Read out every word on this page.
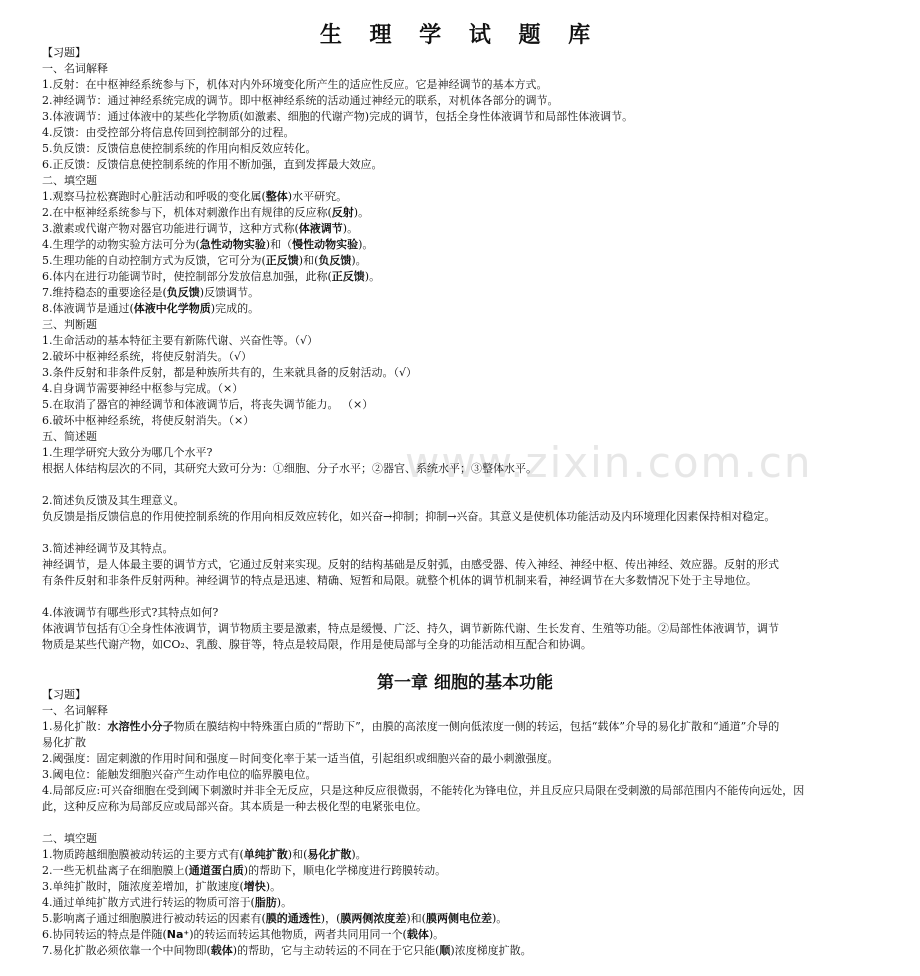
www.zixin.com.cn
生 理 学 试 题 库
【习题】
一、名词解释
1.反射：在中枢神经系统参与下，机体对内外环境变化所产生的适应性反应。它是神经调节的基本方式。
2.神经调节：通过神经系统完成的调节。即中枢神经系统的活动通过神经元的联系，对机体各部分的调节。
3.体液调节：通过体液中的某些化学物质(如激素、细胞的代谢产物)完成的调节，包括全身性体液调节和局部性体液调节。
4.反馈：由受控部分将信息传回到控制部分的过程。
5.负反馈：反馈信息使控制系统的作用向相反效应转化。
6.正反馈：反馈信息使控制系统的作用不断加强，直到发挥最大效应。
二、填空题
1.观察马拉松赛跑时心脏活动和呼吸的变化属(整体)水平研究。
2.在中枢神经系统参与下，机体对刺激作出有规律的反应称(反射)。
3.激素或代谢产物对器官功能进行调节，这种方式称(体液调节)。
4.生理学的动物实验方法可分为(急性动物实验)和（慢性动物实验)。
5.生理功能的自动控制方式为反馈，它可分为(正反馈)和(负反馈)。
6.体内在进行功能调节时，使控制部分发放信息加强，此称(正反馈)。
7.维持稳态的重要途径是(负反馈)反馈调节。
8.体液调节是通过(体液中化学物质)完成的。
三、判断题
1.生命活动的基本特征主要有新陈代谢、兴奋性等。（√）
2.破坏中枢神经系统，将使反射消失。（√）
3.条件反射和非条件反射，都是种族所共有的，生来就具备的反射活动。（√）
4.自身调节需要神经中枢参与完成。（×）
5.在取消了器官的神经调节和体液调节后，将丧失调节能力。 （×）
6.破坏中枢神经系统，将使反射消失。（×）
五、简述题
1.生理学研究大致分为哪几个水平?
根据人体结构层次的不同，其研究大致可分为：①细胞、分子水平；②器官、系统水平；③整体水平。
2.简述负反馈及其生理意义。
负反馈是指反馈信息的作用使控制系统的作用向相反效应转化，如兴奋→抑制；抑制→兴奋。其意义是使机体功能活动及内环境理化因素保持相对稳定。
3.简述神经调节及其特点。
神经调节，是人体最主要的调节方式，它通过反射来实现。反射的结构基础是反射弧，由感受器、传入神经、神经中枢、传出神经、效应器。反射的形式
有条件反射和非条件反射两种。神经调节的特点是迅速、精确、短暂和局限。就整个机体的调节机制来看，神经调节在大多数情况下处于主导地位。
4.体液调节有哪些形式?其特点如何?
体液调节包括有①全身性体液调节，调节物质主要是激素，特点是缓慢、广泛、持久，调节新陈代谢、生长发育、生殖等功能。②局部性体液调节，调节
物质是某些代谢产物，如CO₂、乳酸、腺苷等，特点是较局限，作用是使局部与全身的功能活动相互配合和协调。
第一章 细胞的基本功能
【习题】
一、名词解释
1.易化扩散：水溶性小分子物质在膜结构中特殊蛋白质的“帮助下”，由膜的高浓度一侧向低浓度一侧的转运，包括“载体”介导的易化扩散和“通道”介导的
易化扩散
2.阈强度：固定刺激的作用时间和强度－时间变化率于某一适当值，引起组织或细胞兴奋的最小刺激强度。
3.阈电位：能触发细胞兴奋产生动作电位的临界膜电位。
4.局部反应:可兴奋细胞在受到阈下刺激时并非全无反应，只是这种反应很微弱，不能转化为锋电位，并且反应只局限在受刺激的局部范围内不能传向远处，因
此，这种反应称为局部反应或局部兴奋。其本质是一种去极化型的电紧张电位。
二、填空题
1.物质跨越细胞膜被动转运的主要方式有(单纯扩散)和(易化扩散)。
2.一些无机盐离子在细胞膜上(通道蛋白质)的帮助下，顺电化学梯度进行跨膜转动。
3.单纯扩散时，随浓度差增加，扩散速度(增快)。
4.通过单纯扩散方式进行转运的物质可溶于(脂肪)。
5.影响离子通过细胞膜进行被动转运的因素有(膜的通透性)，(膜两侧浓度差)和(膜两侧电位差)。
6.协同转运的特点是伴随(Na⁺)的转运而转运其他物质，两者共同用同一个(载体)。
7.易化扩散必须依靠一个中间物即(载体)的帮助，它与主动转运的不同在于它只能(顺)浓度梯度扩散。
